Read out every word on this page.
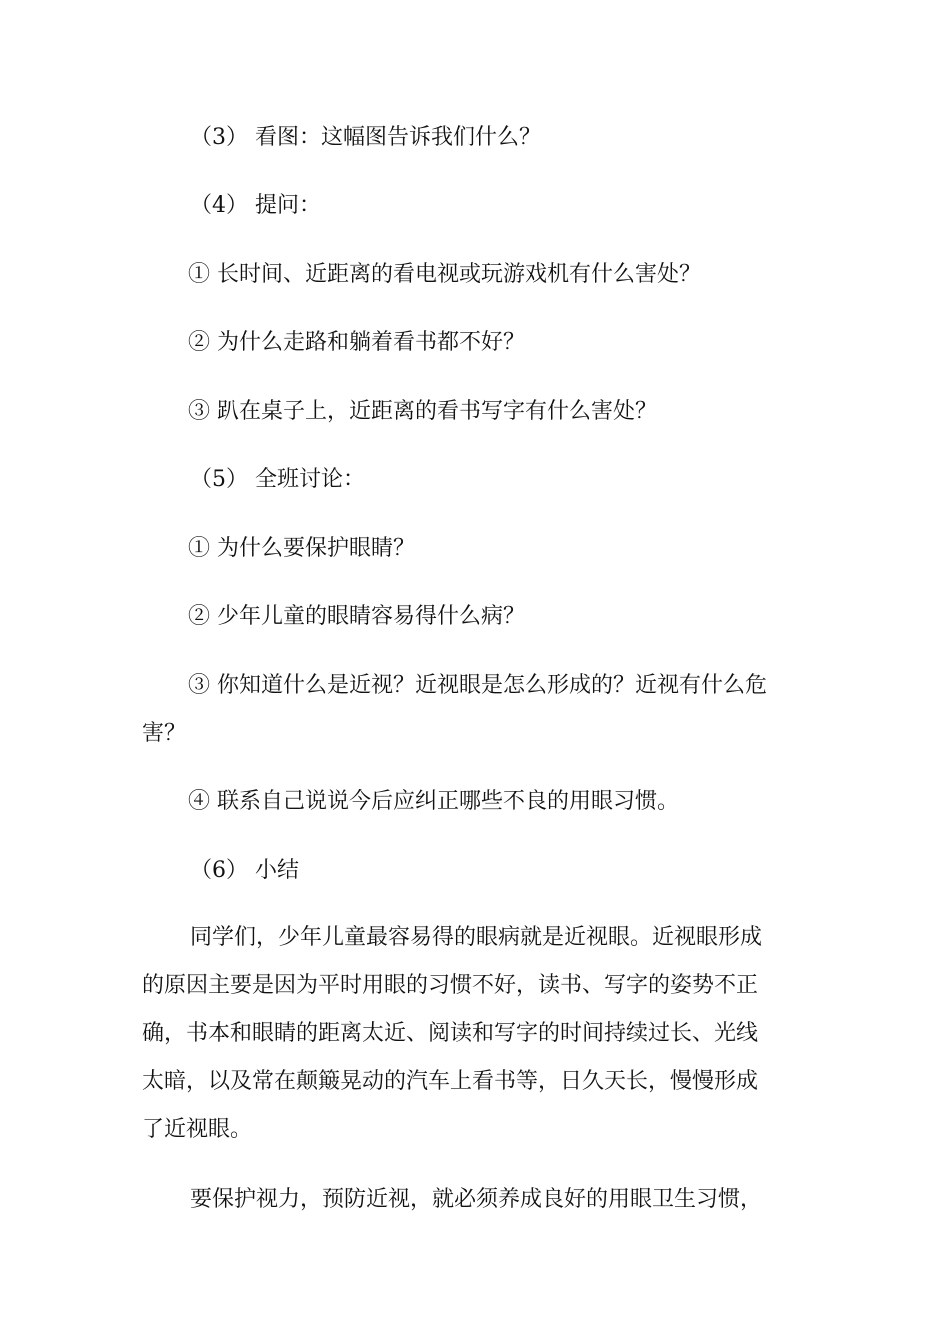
（3） 看图：这幅图告诉我们什么？
（4） 提问：
① 长时间、近距离的看电视或玩游戏机有什么害处？
② 为什么走路和躺着看书都不好？
③ 趴在桌子上，近距离的看书写字有什么害处？
（5） 全班讨论：
① 为什么要保护眼睛？
② 少年儿童的眼睛容易得什么病？
③ 你知道什么是近视？近视眼是怎么形成的？近视有什么危
害？
④ 联系自己说说今后应纠正哪些不良的用眼习惯。
（6） 小结
同学们，少年儿童最容易得的眼病就是近视眼。近视眼形成
的原因主要是因为平时用眼的习惯不好，读书、写字的姿势不正
确，书本和眼睛的距离太近、阅读和写字的时间持续过长、光线
太暗，以及常在颠簸晃动的汽车上看书等，日久天长，慢慢形成
了近视眼。
要保护视力，预防近视，就必须养成良好的用眼卫生习惯，
